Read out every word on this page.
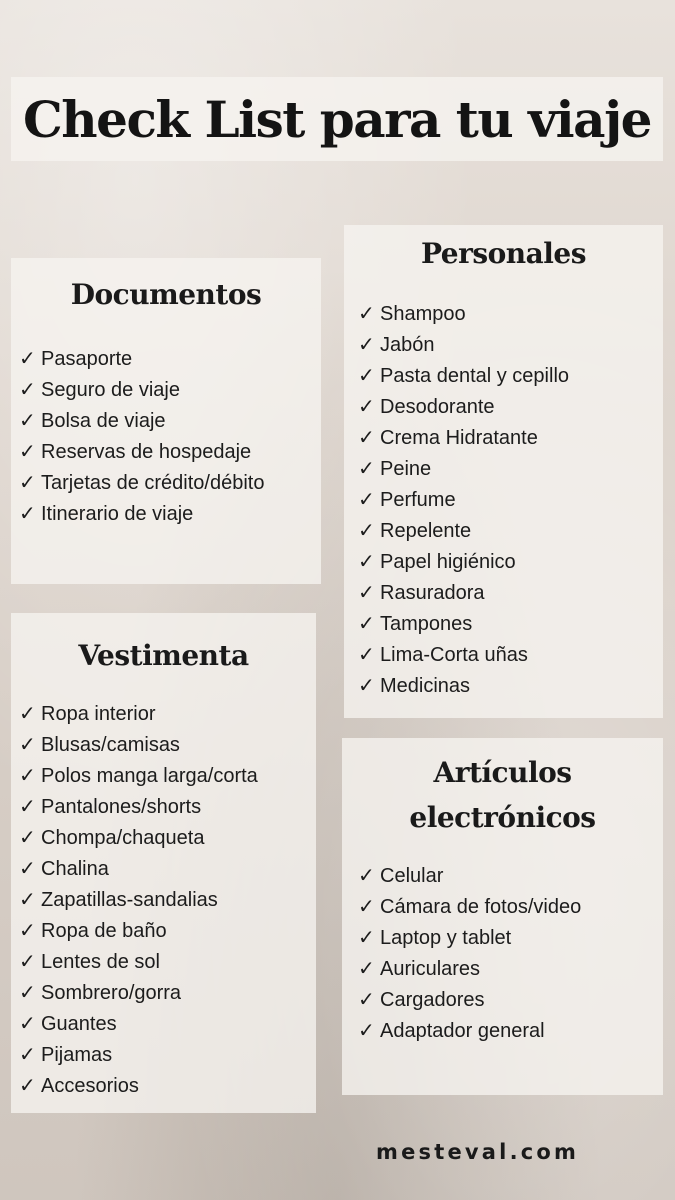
Check List para tu viaje
Documentos
✓ Pasaporte
✓ Seguro de viaje
✓ Bolsa de viaje
✓ Reservas de hospedaje
✓ Tarjetas de crédito/débito
✓ Itinerario de viaje
Personales
✓ Shampoo
✓ Jabón
✓ Pasta dental y cepillo
✓ Desodorante
✓ Crema Hidratante
✓ Peine
✓ Perfume
✓ Repelente
✓ Papel higiénico
✓ Rasuradora
✓ Tampones
✓ Lima-Corta uñas
✓ Medicinas
Vestimenta
✓ Ropa interior
✓ Blusas/camisas
✓ Polos manga larga/corta
✓ Pantalones/shorts
✓ Chompa/chaqueta
✓ Chalina
✓ Zapatillas-sandalias
✓ Ropa de baño
✓ Lentes de sol
✓ Sombrero/gorra
✓ Guantes
✓ Pijamas
✓ Accesorios
Artículos
electrónicos
✓ Celular
✓ Cámara de fotos/video
✓ Laptop y tablet
✓ Auriculares
✓ Cargadores
✓ Adaptador general
mesteval.com
